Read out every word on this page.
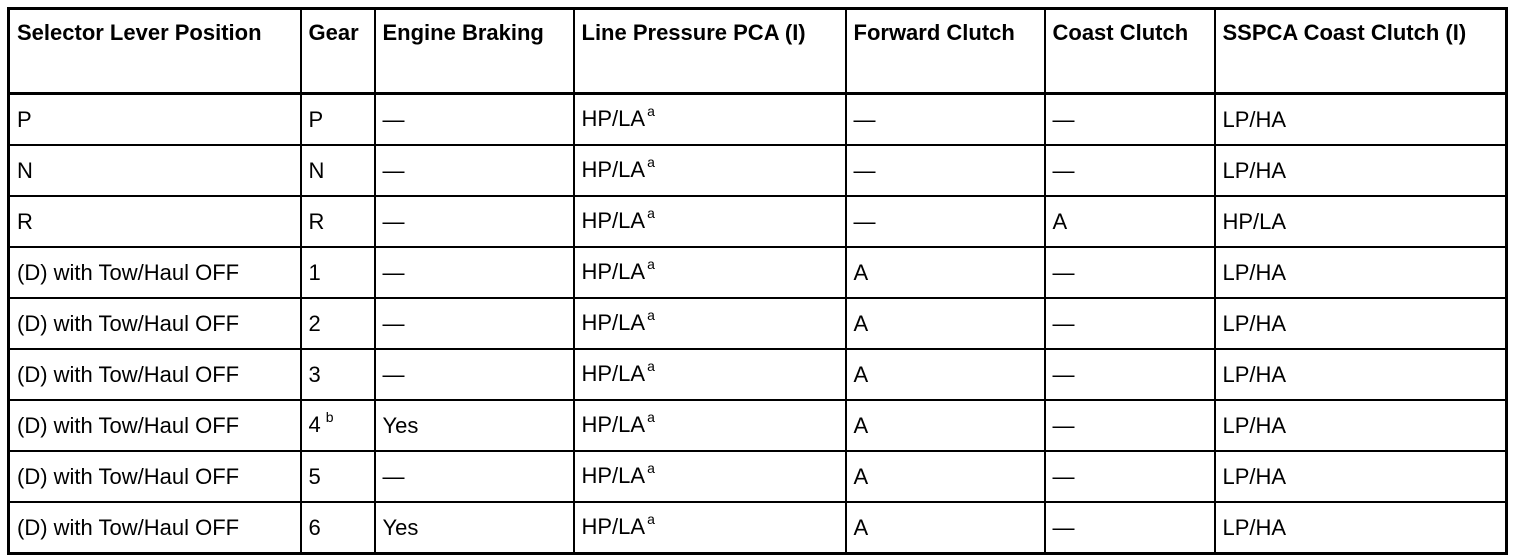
Selector Lever Position	Gear	Engine Braking	Line Pressure PCA (I)	Forward Clutch	Coast Clutch	SSPCA Coast Clutch (I)
P	P	—	HP/LA $^a$	—	—	LP/HA
N	N	—	HP/LA $^a$	—	—	LP/HA
R	R	—	HP/LA $^a$	—	A	HP/LA
(D) with Tow/Haul OFF	1	—	HP/LA $^a$	A	—	LP/HA
(D) with Tow/Haul OFF	2	—	HP/LA $^a$	A	—	LP/HA
(D) with Tow/Haul OFF	3	—	HP/LA $^a$	A	—	LP/HA
(D) with Tow/Haul OFF	4 $^b$	Yes	HP/LA $^a$	A	—	LP/HA
(D) with Tow/Haul OFF	5	—	HP/LA $^a$	A	—	LP/HA
(D) with Tow/Haul OFF	6	Yes	HP/LA $^a$	A	—	LP/HA
